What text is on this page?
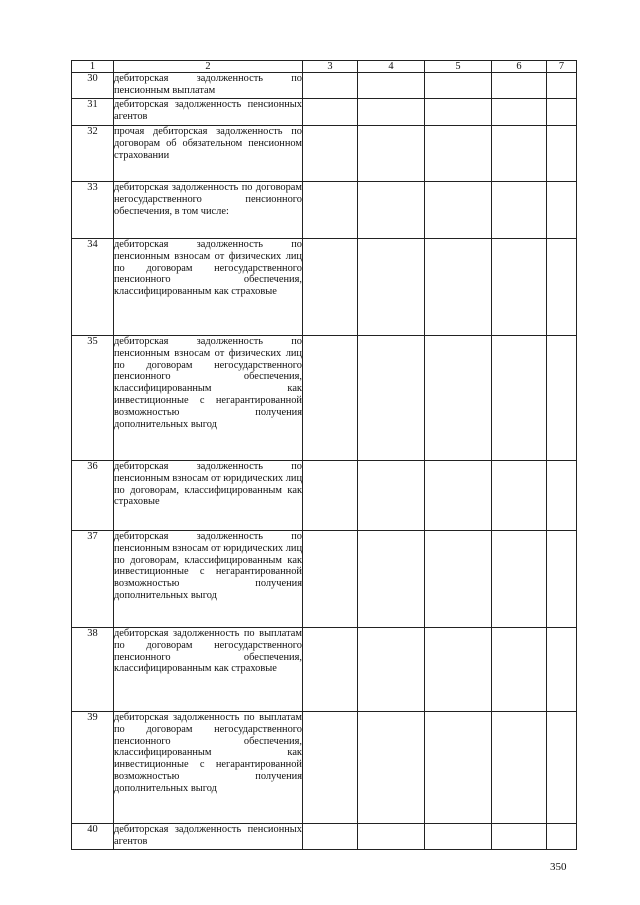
1	2	3	4	5	6	7
30	дебиторская задолженность по пенсионным выплатам					

31	дебиторская задолженность пенсионных агентов					

32	прочая дебиторская задолженность по договорам об обязательном пенсионном страховании					

33	дебиторская задолженность по договорам негосударственного пенсионного обеспечения, в том числе:					

34	дебиторская задолженность по пенсионным взносам от физических лиц по договорам негосударственного пенсионного обеспечения, классифицированным как страховые					

35	дебиторская задолженность по пенсионным взносам от физических лиц по договорам негосударственного пенсионного обеспечения, классифицированным как инвестиционные с негарантированной возможностью получения дополнительных выгод					

36	дебиторская задолженность по пенсионным взносам от юридических лиц по договорам, классифицированным как страховые					

37	дебиторская задолженность по пенсионным взносам от юридических лиц по договорам, классифицированным как инвестиционные с негарантированной возможностью получения дополнительных выгод					

38	дебиторская задолженность по выплатам по договорам негосударственного пенсионного обеспечения, классифицированным как страховые					

39	дебиторская задолженность по выплатам по договорам негосударственного пенсионного обеспечения, классифицированным как инвестиционные с негарантированной возможностью получения дополнительных выгод					

40	дебиторская задолженность пенсионных агентов					

350
